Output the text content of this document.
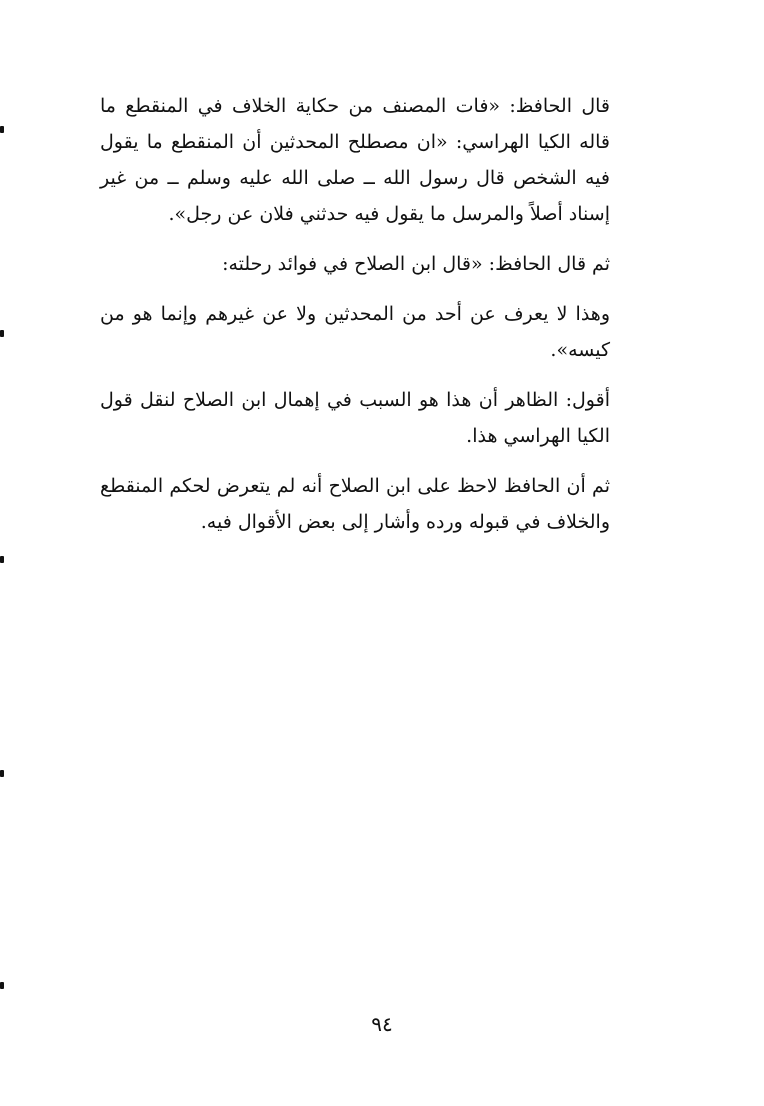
قال الحافظ: «فات المصنف من حكاية الخلاف في المنقطع ما قاله الكيا الهراسي: «ان مصطلح المحدثين أن المنقطع ما يقول فيه الشخص قال رسول الله ــ صلى الله عليه وسلم ــ من غير إسناد أصلاً والمرسل ما يقول فيه حدثني فلان عن رجل».

ثم قال الحافظ: «قال ابن الصلاح في فوائد رحلته:

وهذا لا يعرف عن أحد من المحدثين ولا عن غيرهم وإنما هو من كيسه».

أقول: الظاهر أن هذا هو السبب في إهمال ابن الصلاح لنقل قول الكيا الهراسي هذا.

ثم أن الحافظ لاحظ على ابن الصلاح أنه لم يتعرض لحكم المنقطع والخلاف في قبوله ورده وأشار إلى بعض الأقوال فيه.

٩٤
